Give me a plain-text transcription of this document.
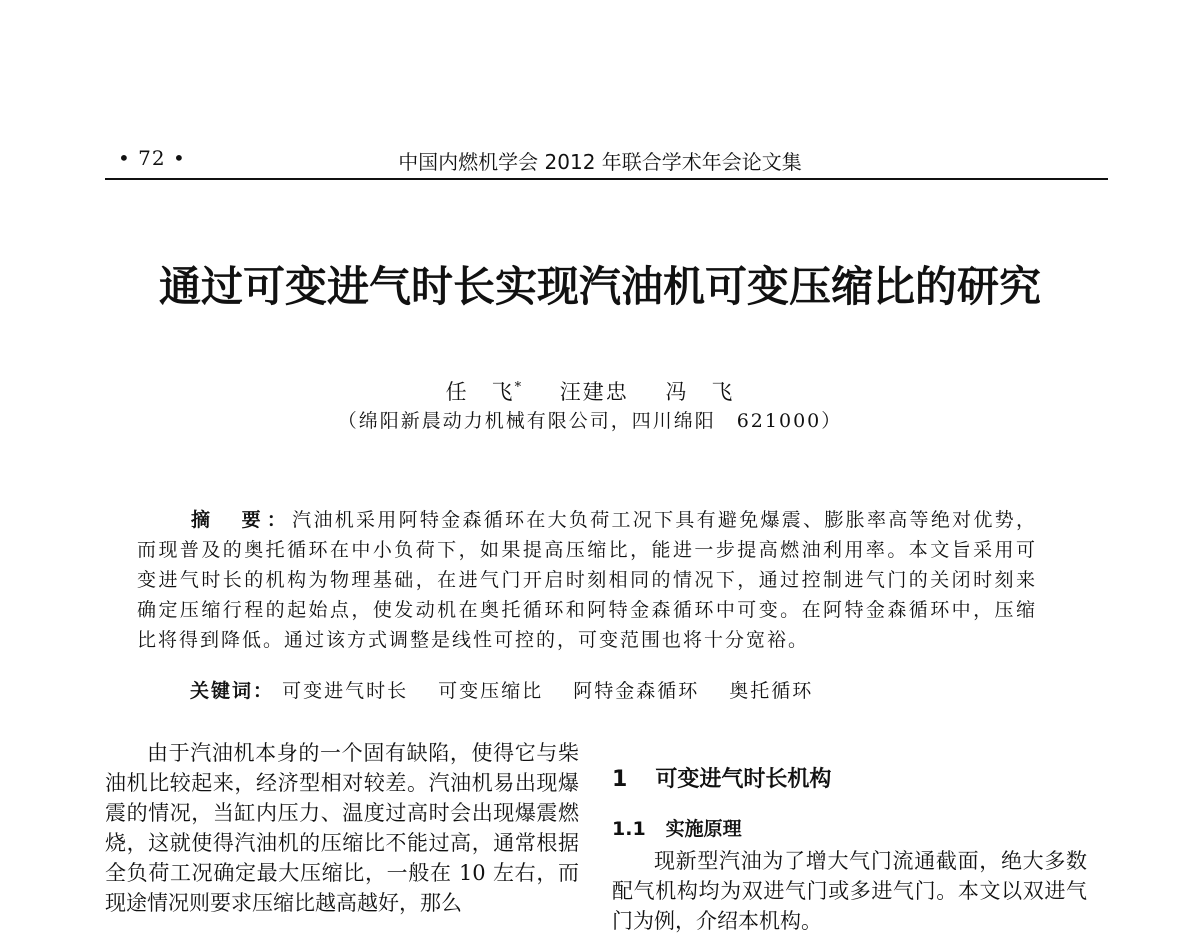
• 72 •	中国内燃机学会 2012 年联合学术年会论文集
通过可变进气时长实现汽油机可变压缩比的研究
任　飞* 汪建忠 冯　飞
（绵阳新晨动力机械有限公司，四川绵阳　621000）
摘　要：汽油机采用阿特金森循环在大负荷工况下具有避免爆震、膨胀率高等绝对优势，而现普及的奥托循环在中小负荷下，如果提高压缩比，能进一步提高燃油利用率。本文旨采用可变进气时长的机构为物理基础，在进气门开启时刻相同的情况下，通过控制进气门的关闭时刻来确定压缩行程的起始点，使发动机在奥托循环和阿特金森循环中可变。在阿特金森循环中，压缩比将得到降低。通过该方式调整是线性可控的，可变范围也将十分宽裕。
关键词： 可变进气时长 可变压缩比 阿特金森循环 奥托循环

由于汽油机本身的一个固有缺陷，使得它与柴油机比较起来，经济型相对较差。汽油机易出现爆震的情况，当缸内压力、温度过高时会出现爆震燃烧，这就使得汽油机的压缩比不能过高，通常根据全负荷工况确定最大压缩比，一般在 10 左右，而现途情况则要求压缩比越高越好，那么

1 可变进气时长机构
1.1 实施原理

现新型汽油为了增大气门流通截面，绝大多数配气机构均为双进气门或多进气门。本文以双进气门为例，介绍本机构。
